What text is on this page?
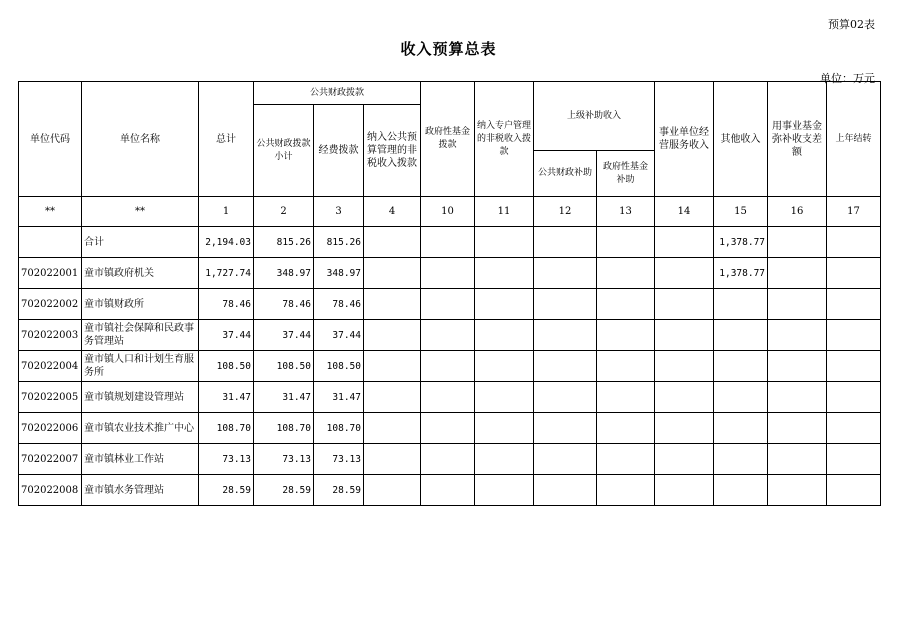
预算02表
收入预算总表
单位：万元
单位代码	单位名称	总计	公共财政拨款			政府性基金拨款	纳入专户管理的非税收入拨款	上级补助收入		事业单位经营服务收入	其他收入	用事业基金弥补收支差额	上年结转
			公共财政拨款小计	经费拨款	纳入公共预算管理的非税收入拨款								
								公共财政补助	政府性基金补助				
**	**	1	2	3	4	10	11	12	13	14	15	16	17
	合计	2,194.03	815.26	815.26							1,378.77		
702022001	童市镇政府机关	1,727.74	348.97	348.97							1,378.77		
702022002	童市镇财政所	78.46	78.46	78.46									
702022003	童市镇社会保障和民政事务管理站	37.44	37.44	37.44									
702022004	童市镇人口和计划生育服务所	108.50	108.50	108.50									
702022005	童市镇规划建设管理站	31.47	31.47	31.47									
702022006	童市镇农业技术推广中心	108.70	108.70	108.70									
702022007	童市镇林业工作站	73.13	73.13	73.13									
702022008	童市镇水务管理站	28.59	28.59	28.59									
